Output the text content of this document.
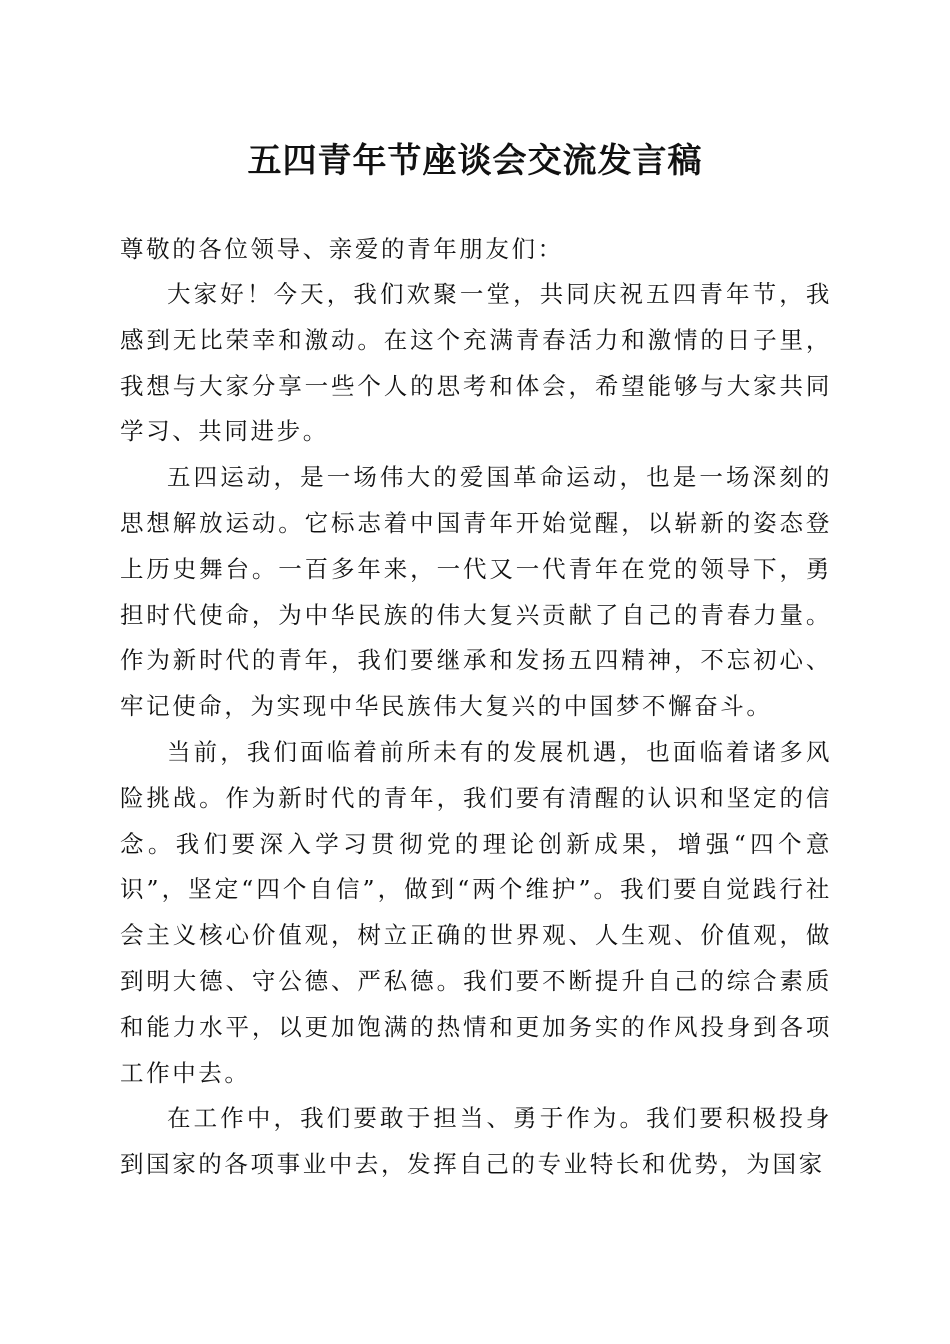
五四青年节座谈会交流发言稿

尊敬的各位领导、亲爱的青年朋友们：

大家好！今天，我们欢聚一堂，共同庆祝五四青年节，我感到无比荣幸和激动。在这个充满青春活力和激情的日子里，我想与大家分享一些个人的思考和体会，希望能够与大家共同学习、共同进步。

五四运动，是一场伟大的爱国革命运动，也是一场深刻的思想解放运动。它标志着中国青年开始觉醒，以崭新的姿态登上历史舞台。一百多年来，一代又一代青年在党的领导下，勇担时代使命，为中华民族的伟大复兴贡献了自己的青春力量。作为新时代的青年，我们要继承和发扬五四精神，不忘初心、牢记使命，为实现中华民族伟大复兴的中国梦不懈奋斗。

当前，我们面临着前所未有的发展机遇，也面临着诸多风险挑战。作为新时代的青年，我们要有清醒的认识和坚定的信念。我们要深入学习贯彻党的理论创新成果，增强“四个意识”，坚定“四个自信”，做到“两个维护”。我们要自觉践行社会主义核心价值观，树立正确的世界观、人生观、价值观，做到明大德、守公德、严私德。我们要不断提升自己的综合素质和能力水平，以更加饱满的热情和更加务实的作风投身到各项工作中去。

在工作中，我们要敢于担当、勇于作为。我们要积极投身到国家的各项事业中去，发挥自己的专业特长和优势，为国家
